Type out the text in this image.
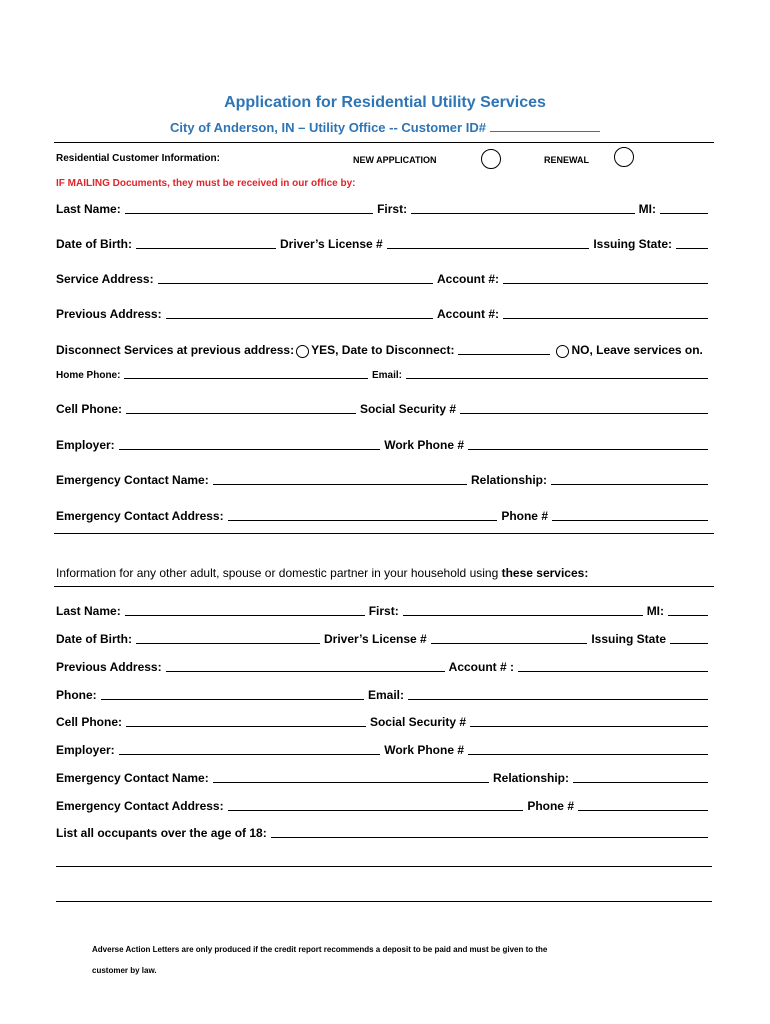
Application for Residential Utility Services
City of Anderson, IN – Utility Office -- Customer ID#
Residential Customer Information:	NEW APPLICATION	RENEWAL
IF MAILING Documents, they must be received in our office by:
Last Name:	First:	MI:
Date of Birth:	Driver’s License #	Issuing State:
Service Address:	Account #:
Previous Address:	Account #:
Disconnect Services at previous address: YES, Date to Disconnect:	NO, Leave services on.
Home Phone:	Email:
Cell Phone:	Social Security #
Employer:	Work Phone #
Emergency Contact Name:	Relationship:
Emergency Contact Address:	Phone #
Information for any other adult, spouse or domestic partner in your household using these services:
Last Name:	First:	MI:
Date of Birth:	Driver’s License #	Issuing State
Previous Address:	Account # :
Phone:	Email:
Cell Phone:	Social Security #
Employer:	Work Phone #
Emergency Contact Name:	Relationship:
Emergency Contact Address:	Phone #
List all occupants over the age of 18:
Adverse Action Letters are only produced if the credit report recommends a deposit to be paid and must be given to the
customer by law.
